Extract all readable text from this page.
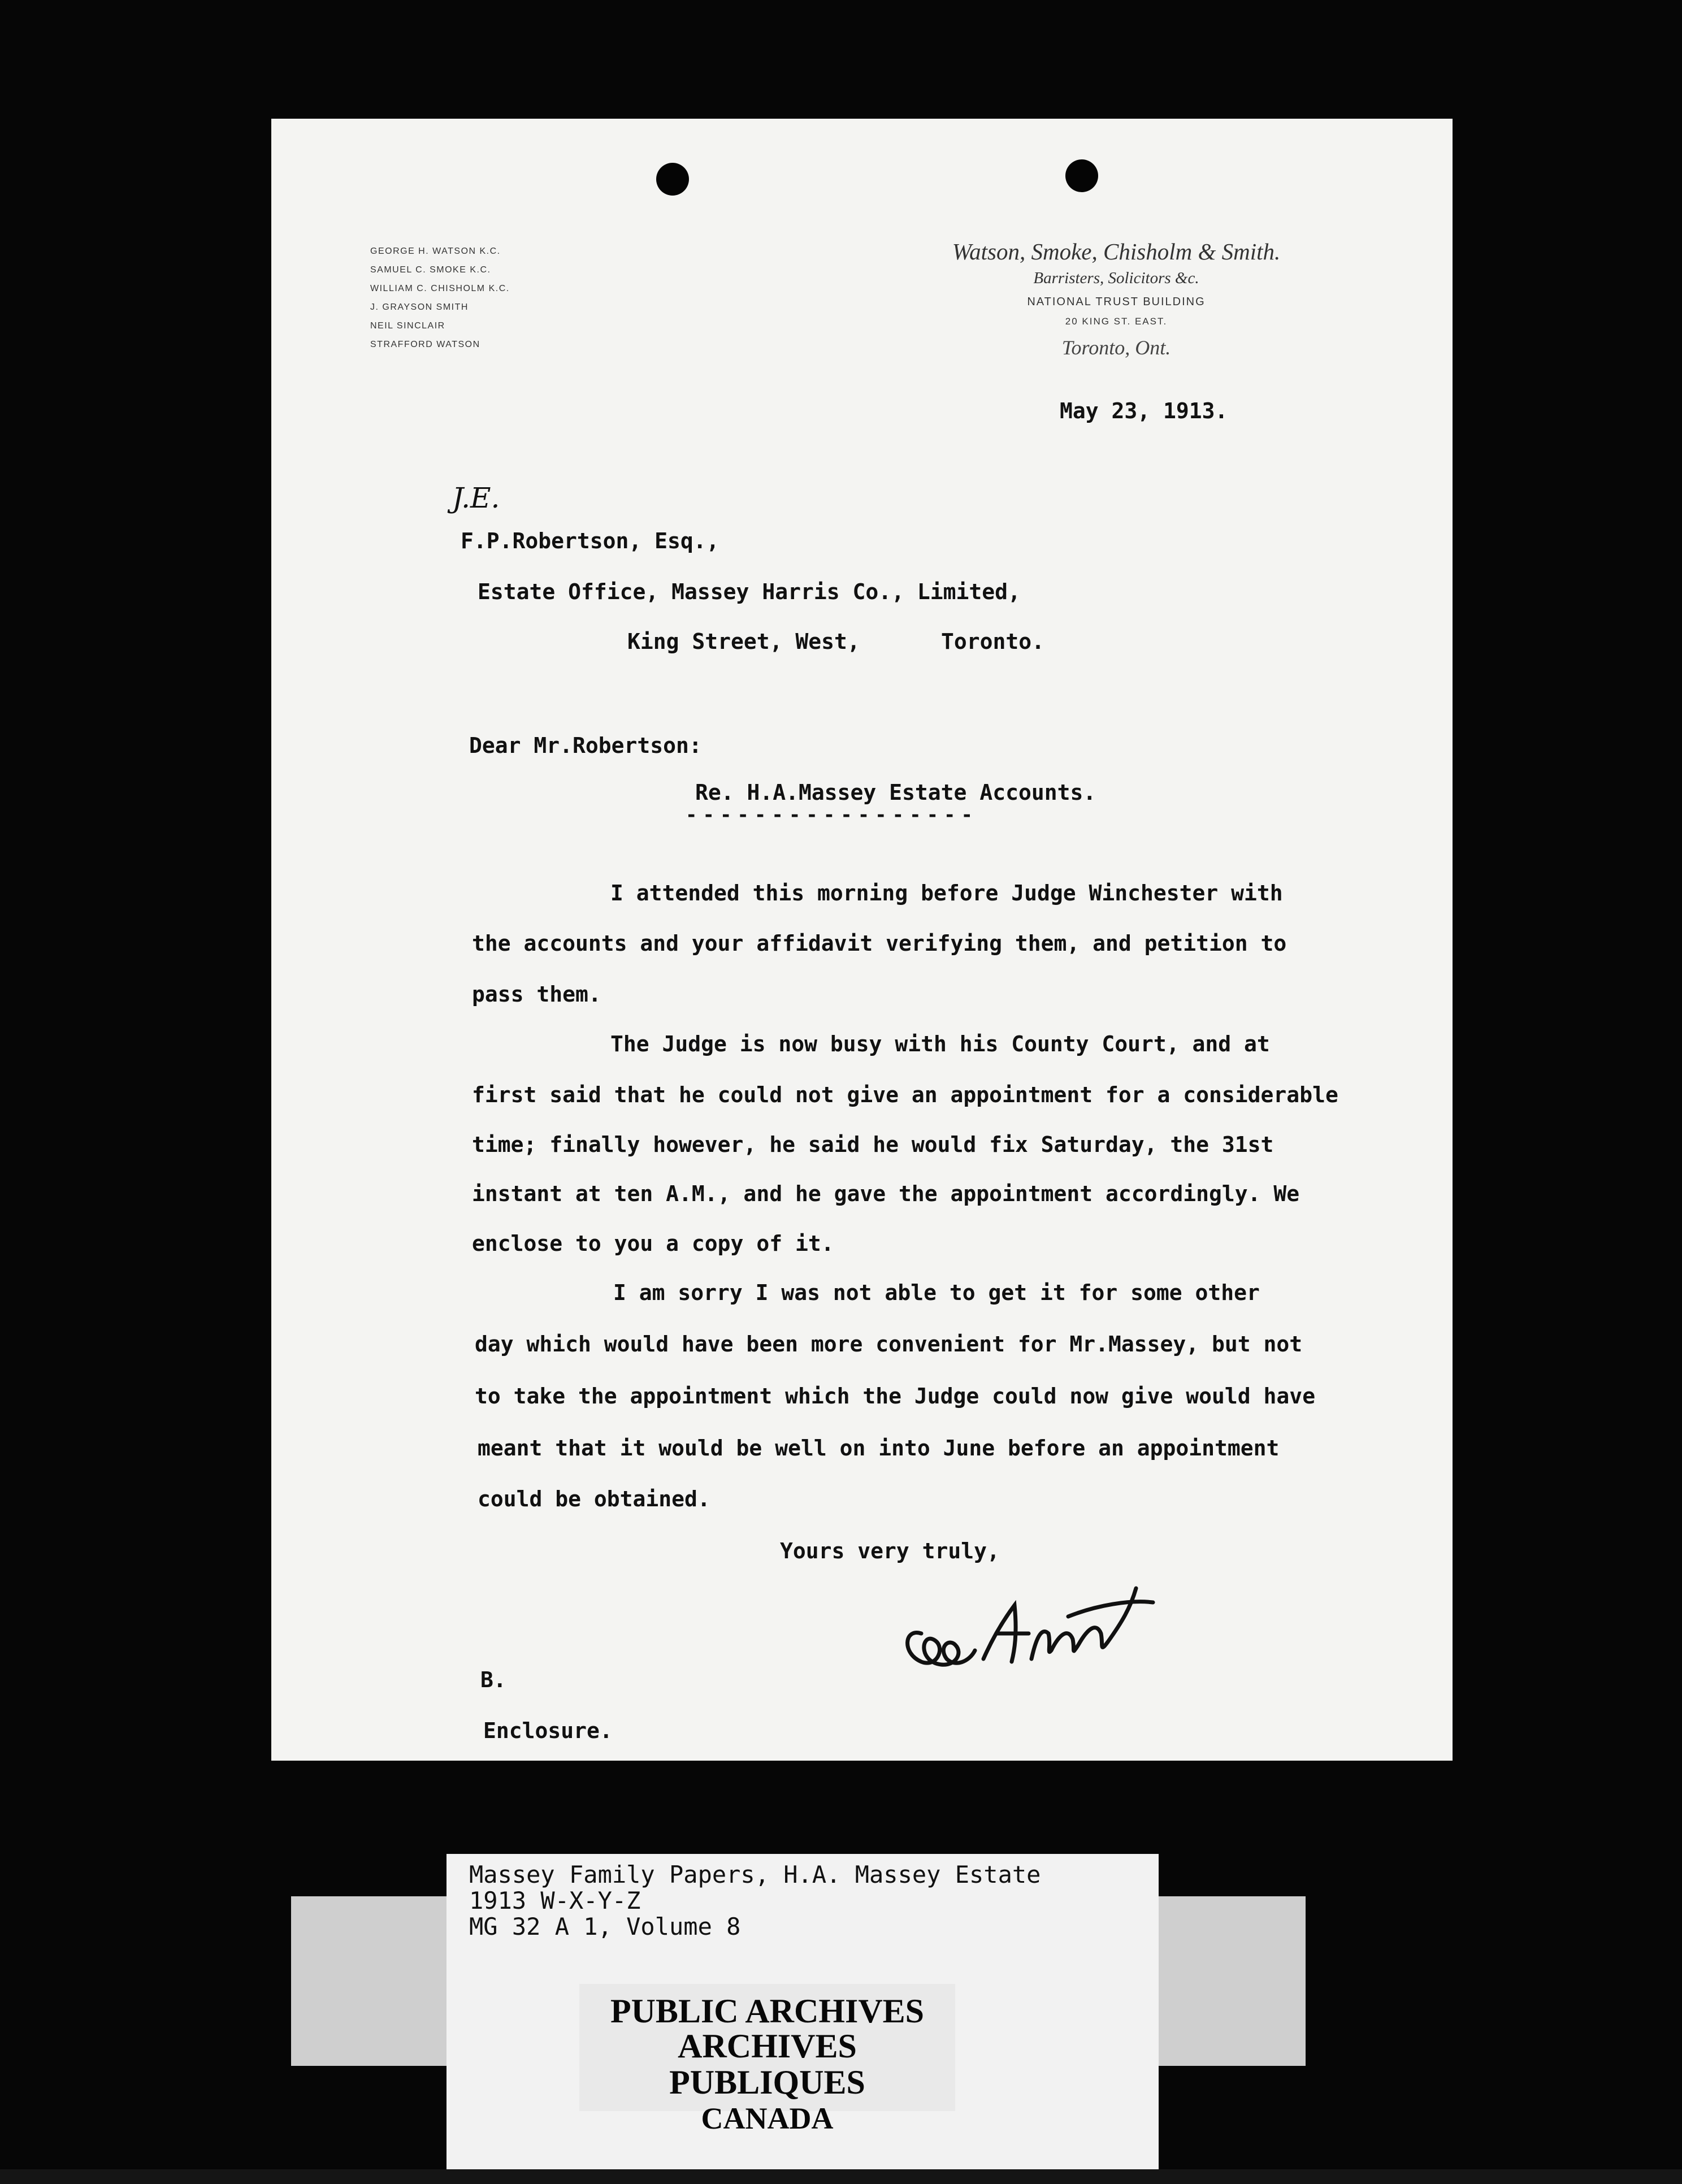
GEORGE H. WATSON K.C.
SAMUEL C. SMOKE K.C.
WILLIAM C. CHISHOLM K.C.
J. GRAYSON SMITH
NEIL SINCLAIR
STRAFFORD WATSON
Watson, Smoke, Chisholm & Smith.
Barristers, Solicitors &c.
NATIONAL TRUST BUILDING
20 KING ST. EAST.
Toronto, Ont.
May 23, 1913.
J.E.
F.P.Robertson, Esq.,
Estate Office, Massey Harris Co., Limited,
King Street, West,	Toronto.
Dear Mr.Robertson:
Re. H.A.Massey Estate Accounts.
-----------------
I attended this morning before Judge Winchester with
the accounts and your affidavit verifying them, and petition to
pass them.
The Judge is now busy with his County Court, and at
first said that he could not give an appointment for a considerable
time; finally however, he said he would fix Saturday, the 31st
instant at ten A.M., and he gave the appointment accordingly. We
enclose to you a copy of it.
I am sorry I was not able to get it for some other
day which would have been more convenient for Mr.Massey, but not
to take the appointment which the Judge could now give would have
meant that it would be well on into June before an appointment
could be obtained.
Yours very truly,
B.
Enclosure.
Massey Family Papers, H.A. Massey Estate
1913 W-X-Y-Z
MG 32 A 1, Volume 8
PUBLIC ARCHIVES
ARCHIVES PUBLIQUES
CANADA
